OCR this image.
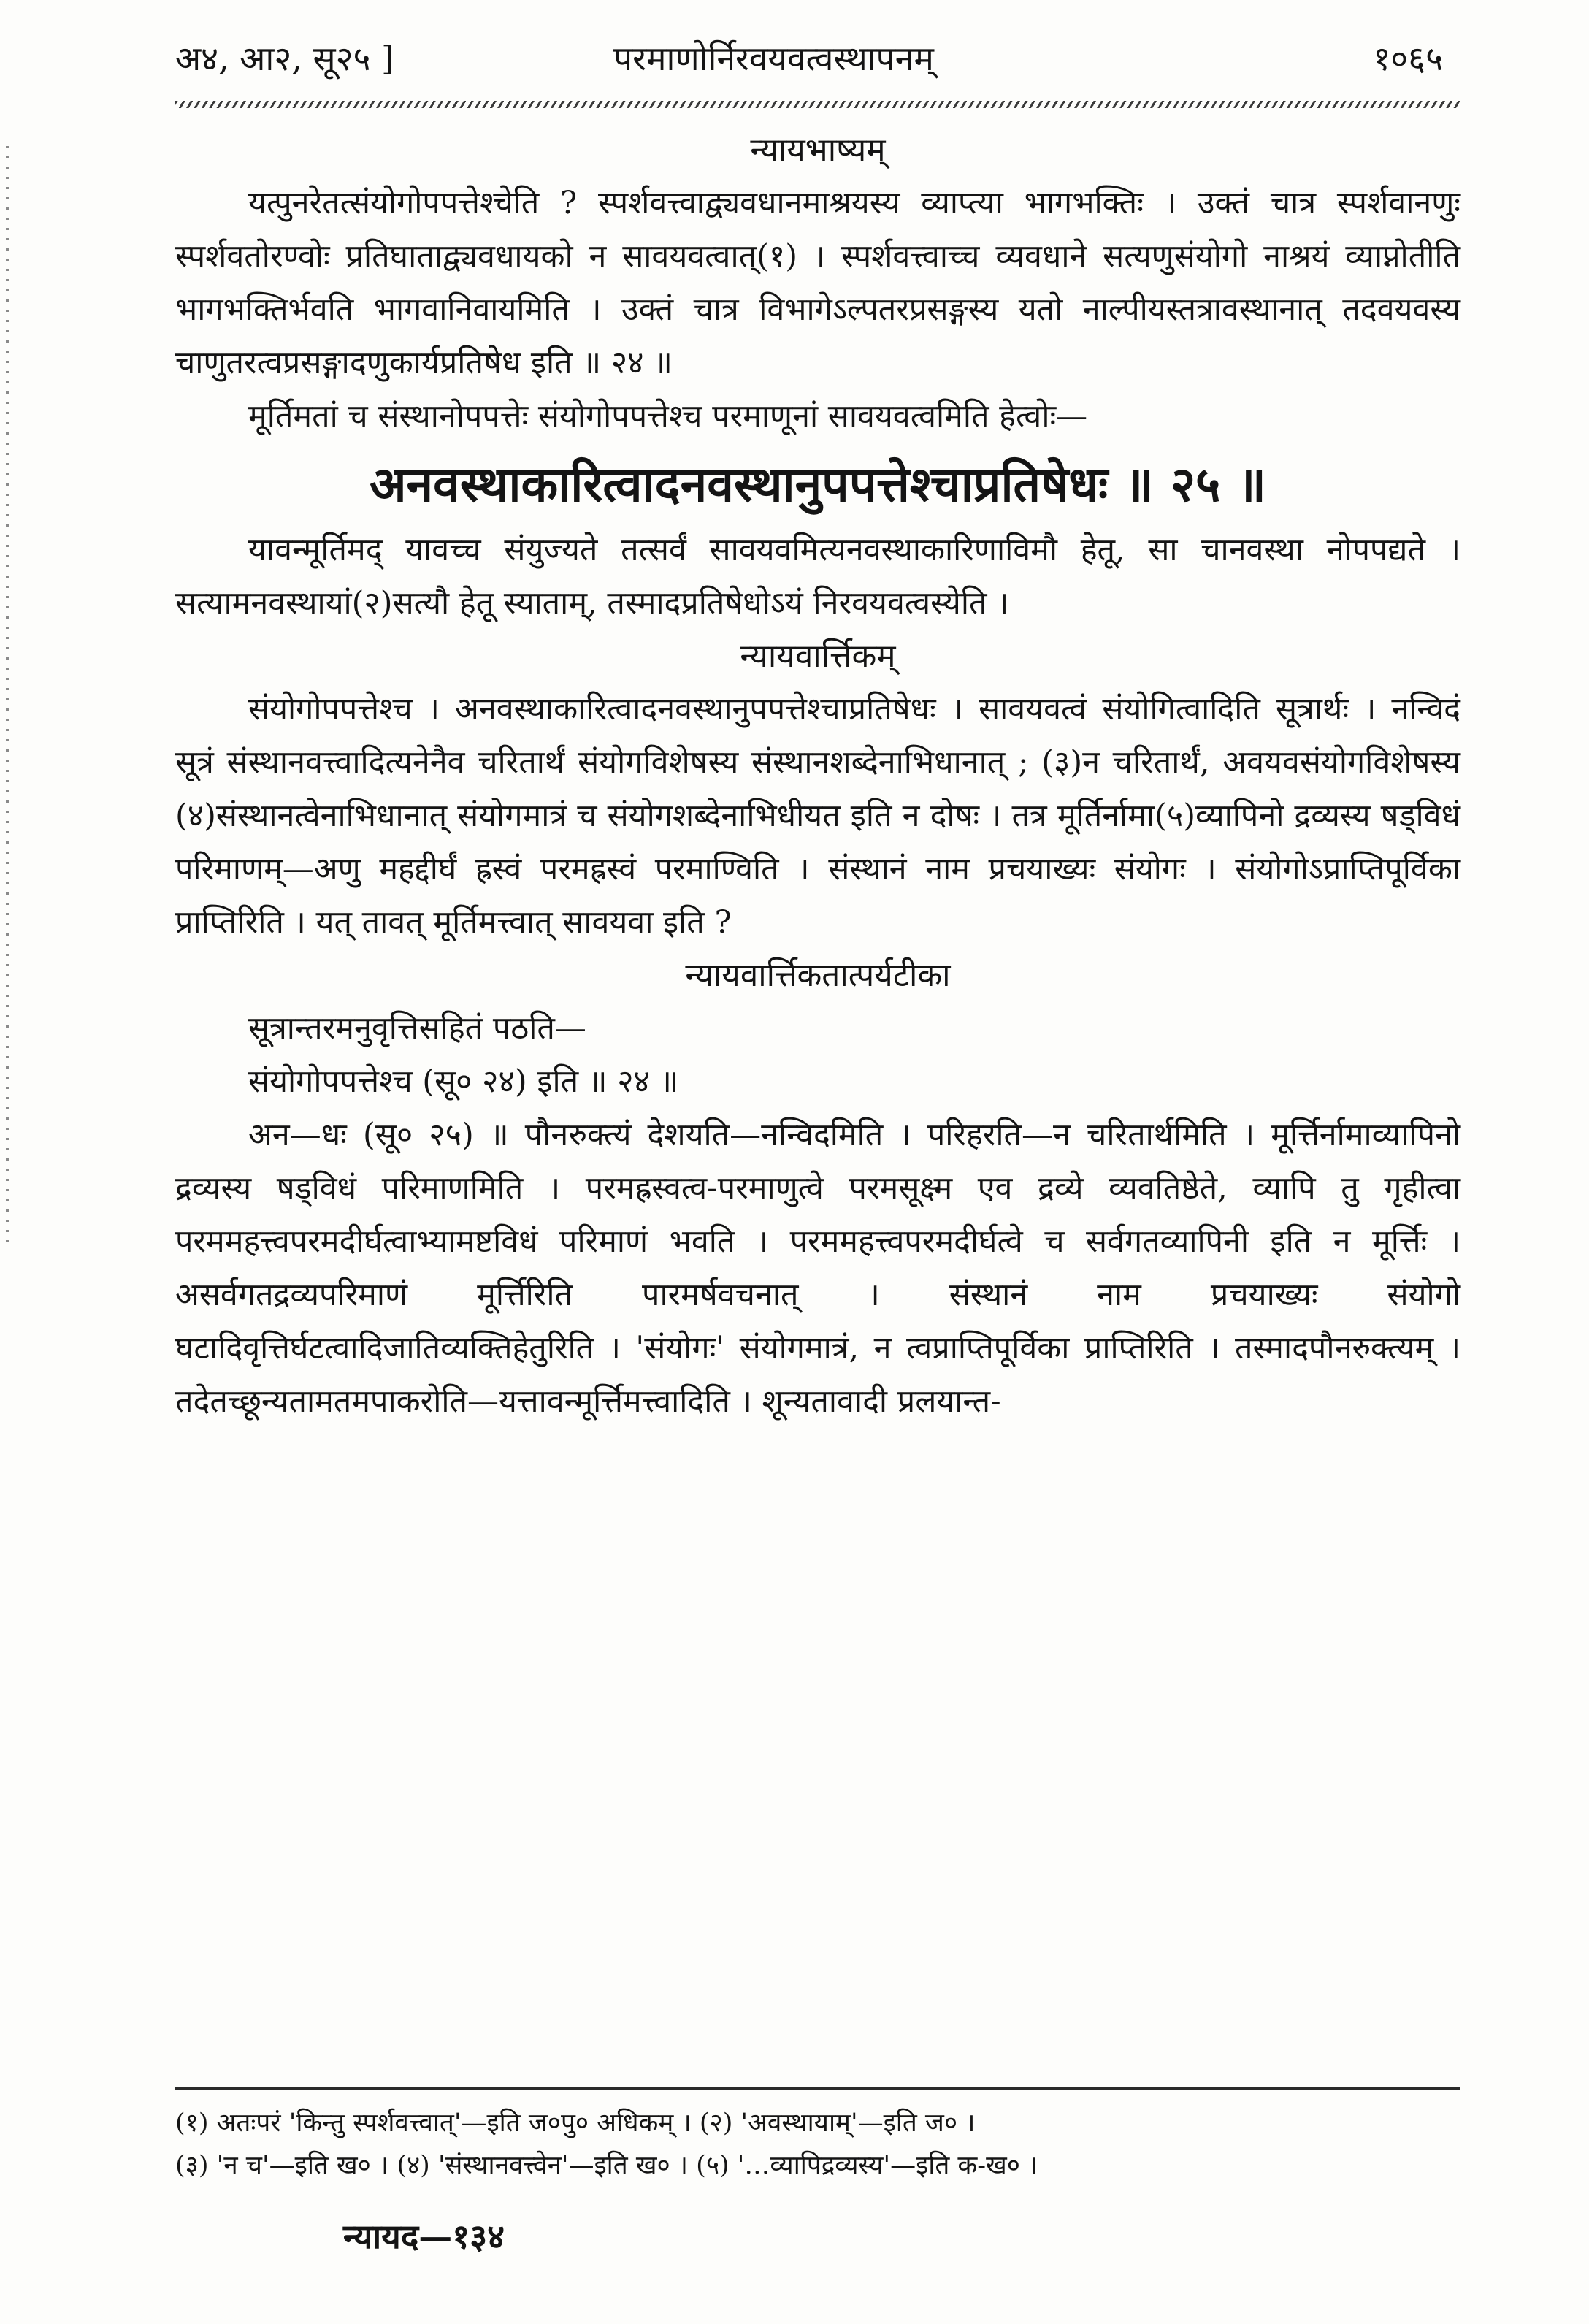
अ४, आ२, सू२५ ]	परमाणोर्निरवयवत्वस्थापनम्	१०६५
न्यायभाष्यम्

यत्पुनरेतत्संयोगोपपत्तेश्चेति ? स्पर्शवत्त्वाद्व्यवधानमाश्रयस्य व्याप्त्या भागभक्तिः । उक्तं चात्र स्पर्शवानणुः स्पर्शवतोरण्वोः प्रतिघाताद्व्यवधायको न सावयवत्वात्(१) । स्पर्शवत्त्वाच्च व्यवधाने सत्यणुसंयोगो नाश्रयं व्याप्नोतीति भागभक्तिर्भवति भागवानिवायमिति । उक्तं चात्र विभागेऽल्पतरप्रसङ्गस्य यतो नाल्पीयस्तत्रावस्थानात् तदवयवस्य चाणुतरत्वप्रसङ्गादणुकार्यप्रतिषेध इति ॥ २४ ॥

मूर्तिमतां च संस्थानोपपत्तेः संयोगोपपत्तेश्च परमाणूनां सावयवत्वमिति हेत्वोः—

अनवस्थाकारित्वादनवस्थानुपपत्तेश्चाप्रतिषेधः ॥ २५ ॥

यावन्मूर्तिमद् यावच्च संयुज्यते तत्सर्वं सावयवमित्यनवस्थाकारिणाविमौ हेतू, सा चानवस्था नोपपद्यते । सत्यामनवस्थायां(२)सत्यौ हेतू स्याताम्, तस्मादप्रतिषेधोऽयं निरवयवत्वस्येति ।

न्यायवार्त्तिकम्

संयोगोपपत्तेश्च । अनवस्थाकारित्वादनवस्थानुपपत्तेश्चाप्रतिषेधः । सावयवत्वं संयोगित्वादिति सूत्रार्थः । नन्विदं सूत्रं संस्थानवत्त्वादित्यनेनैव चरितार्थं संयोगविशेषस्य संस्थानशब्देनाभिधानात् ; (३)न चरितार्थं, अवयवसंयोगविशेषस्य (४)संस्थानत्वेनाभिधानात् संयोगमात्रं च संयोगशब्देनाभिधीयत इति न दोषः । तत्र मूर्तिर्नामा(५)व्यापिनो द्रव्यस्य षड्विधं परिमाणम्—अणु महद्दीर्घं ह्रस्वं परमह्रस्वं परमाण्विति । संस्थानं नाम प्रचयाख्यः संयोगः । संयोगोऽप्राप्तिपूर्विका प्राप्तिरिति । यत् तावत् मूर्तिमत्त्वात् सावयवा इति ?

न्यायवार्त्तिकतात्पर्यटीका

सूत्रान्तरमनुवृत्तिसहितं पठति—

संयोगोपपत्तेश्च (सू० २४) इति ॥ २४ ॥

अन—धः (सू० २५) ॥ पौनरुक्त्यं देशयति—नन्विदमिति । परिहरति—न चरितार्थमिति । मूर्त्तिर्नामाव्यापिनो द्रव्यस्य षड्विधं परिमाणमिति । परमह्रस्वत्व-परमाणुत्वे परमसूक्ष्म एव द्रव्ये व्यवतिष्ठेते, व्यापि तु गृहीत्वा परममहत्त्वपरमदीर्घत्वाभ्यामष्टविधं परिमाणं भवति । परममहत्त्वपरमदीर्घत्वे च सर्वगतव्यापिनी इति न मूर्त्तिः । असर्वगतद्रव्यपरिमाणं मूर्त्तिरिति पारमर्षवचनात् । संस्थानं नाम प्रचयाख्यः संयोगो घटादिवृत्तिर्घटत्वादिजातिव्यक्तिहेतुरिति । 'संयोगः' संयोगमात्रं, न त्वप्राप्तिपूर्विका प्राप्तिरिति । तस्मादपौनरुक्त्यम् । तदेतच्छून्यतामतमपाकरोति—यत्तावन्मूर्त्तिमत्त्वादिति । शून्यतावादी प्रलयान्त-

(१) अतःपरं 'किन्तु स्पर्शवत्त्वात्'—इति ज०पु० अधिकम् । (२) 'अवस्थायाम्'—इति ज० ।
(३) 'न च'—इति ख० । (४) 'संस्थानवत्त्वेन'—इति ख० । (५) '…व्यापिद्रव्यस्य'—इति क-ख० ।
न्यायद—१३४
